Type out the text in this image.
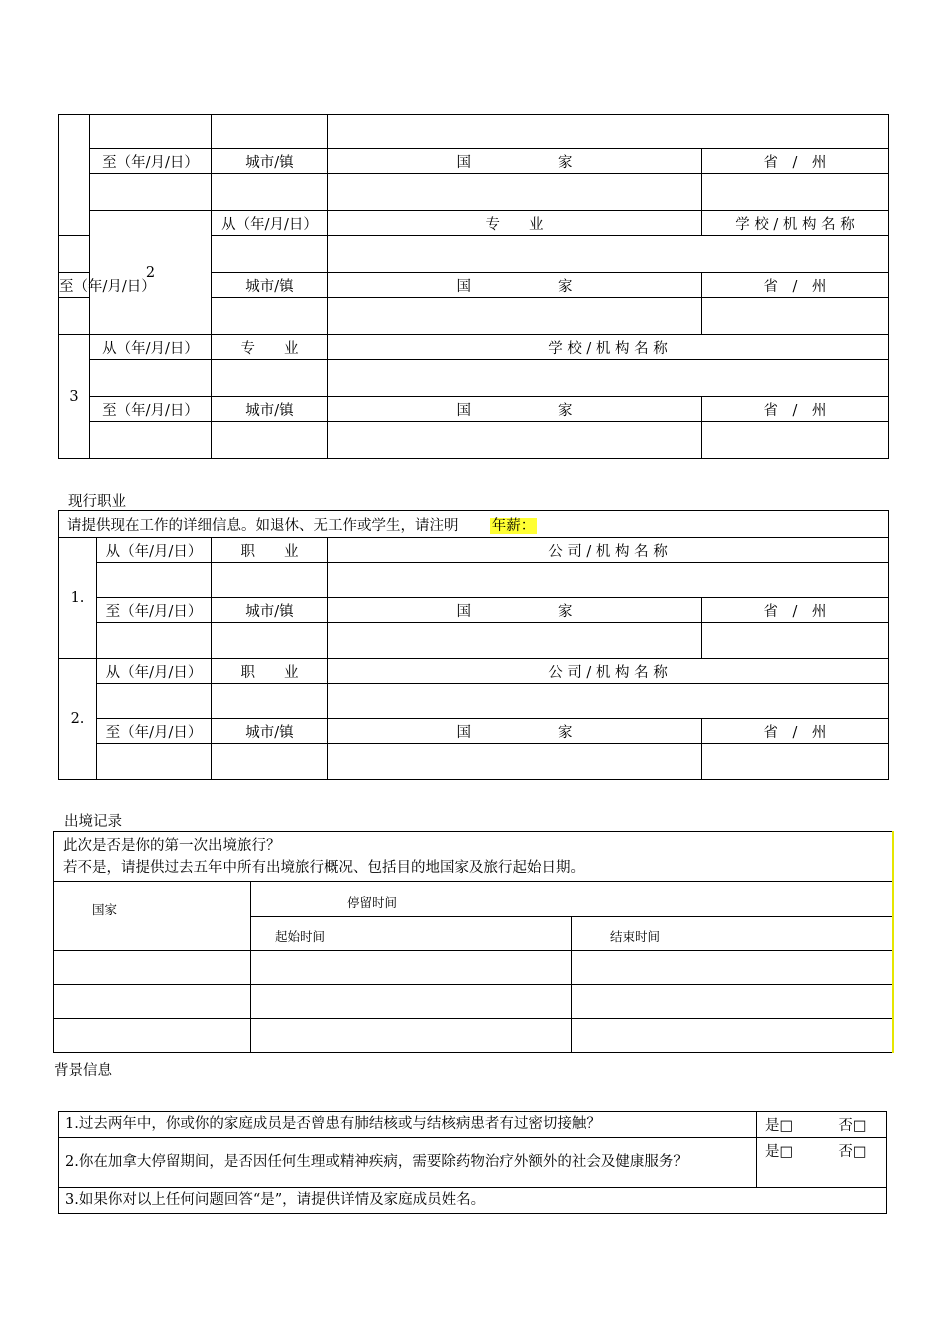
	至（年/月/日）	城市/镇	国　　　　　　家	省　/　州

	2	从（年/月/日）	专　　业	学 校 / 机 构 名 称

至（年/月/日）		城市/镇	国　　　　　　家	省　/　州

3	从（年/月/日）	专　　业	学 校 / 机 构 名 称	

	至（年/月/日）	城市/镇	国　　　　　　家	省　/　州

现行职业
请提供现在工作的详细信息。如退休、无工作或学生，请注明 年薪：				
1.	从（年/月/日）	职　　业	公 司 / 机 构 名 称	

	至（年/月/日）	城市/镇	国　　　　　　家	省　/　州

2.	从（年/月/日）	职　　业	公 司 / 机 构 名 称	

	至（年/月/日）	城市/镇	国　　　　　　家	省　/　州

出境记录
此次是否是你的第一次出境旅行？
若不是，请提供过去五年中所有出境旅行概况、包括目的地国家及旅行起始日期。		

国家	停留时间	
	起始时间	结束时间

背景信息
1.过去两年中，你或你的家庭成员是否曾患有肺结核或与结核病患者有过密切接触？	是□ 否□
2.你在加拿大停留期间，是否因任何生理或精神疾病，需要除药物治疗外额外的社会及健康服务？	是□ 否□
3.如果你对以上任何问题回答“是”，请提供详情及家庭成员姓名。	
